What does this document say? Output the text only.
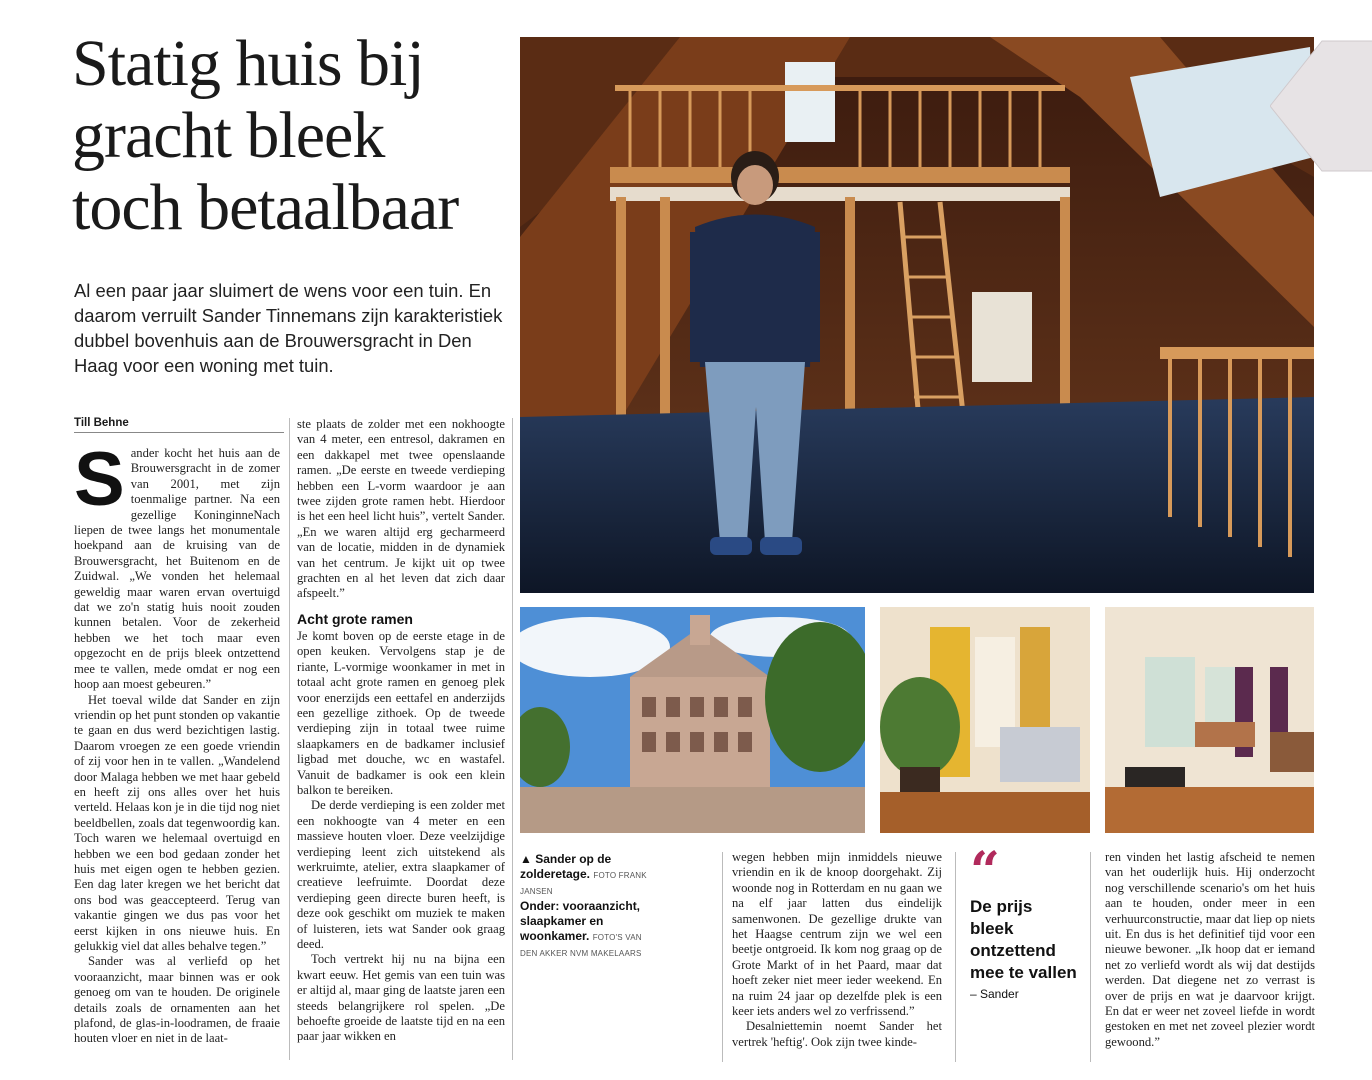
Statig huis bij
gracht bleek
toch betaalbaar
Al een paar jaar sluimert de wens voor een tuin. En daarom verruilt Sander Tinnemans zijn karakteristiek dubbel bovenhuis aan de Brouwersgracht in Den Haag voor een woning met tuin.
Till Behne

Sander kocht het huis aan de Brouwersgracht in de zomer van 2001, met zijn toenmalige partner. Na een gezellige KoninginneNach liepen de twee langs het monumentale hoekpand aan de kruising van de Brouwersgracht, het Buitenom en de Zuidwal. „We vonden het helemaal geweldig maar waren ervan overtuigd dat we zo'n statig huis nooit zouden kunnen betalen. Voor de zekerheid hebben we het toch maar even opgezocht en de prijs bleek ontzettend mee te vallen, mede omdat er nog een hoop aan moest gebeuren.”

Het toeval wilde dat Sander en zijn vriendin op het punt stonden op vakantie te gaan en dus werd bezichtigen lastig. Daarom vroegen ze een goede vriendin of zij voor hen in te vallen. „Wandelend door Malaga hebben we met haar gebeld en heeft zij ons alles over het huis verteld. Helaas kon je in die tijd nog niet beeldbellen, zoals dat tegenwoordig kan. Toch waren we helemaal overtuigd en hebben we een bod gedaan zonder het huis met eigen ogen te hebben gezien. Een dag later kregen we het bericht dat ons bod was geaccepteerd. Terug van vakantie gingen we dus pas voor het eerst kijken in ons nieuwe huis. En gelukkig viel dat alles behalve tegen.”

Sander was al verliefd op het vooraanzicht, maar binnen was er ook genoeg om van te houden. De originele details zoals de ornamenten aan het plafond, de glas-in-loodramen, de fraaie houten vloer en niet in de laat-

ste plaats de zolder met een nokhoogte van 4 meter, een entresol, dakramen en een dakkapel met twee openslaande ramen. „De eerste en tweede verdieping hebben een L-vorm waardoor je aan twee zijden grote ramen hebt. Hierdoor is het een heel licht huis”, vertelt Sander. „En we waren altijd erg gecharmeerd van de locatie, midden in de dynamiek van het centrum. Je kijkt uit op twee grachten en al het leven dat zich daar afspeelt.”

Acht grote ramen

Je komt boven op de eerste etage in de open keuken. Vervolgens stap je de riante, L-vormige woonkamer in met in totaal acht grote ramen en genoeg plek voor enerzijds een eettafel en anderzijds een gezellige zithoek. Op de tweede verdieping zijn in totaal twee ruime slaapkamers en de badkamer inclusief ligbad met douche, wc en wastafel. Vanuit de badkamer is ook een klein balkon te bereiken.

De derde verdieping is een zolder met een nokhoogte van 4 meter en een massieve houten vloer. Deze veelzijdige verdieping leent zich uitstekend als werkruimte, atelier, extra slaapkamer of creatieve leefruimte. Doordat deze verdieping geen directe buren heeft, is deze ook geschikt om muziek te maken of luisteren, iets wat Sander ook graag deed.

Toch vertrekt hij nu na bijna een kwart eeuw. Het gemis van een tuin was er altijd al, maar ging de laatste jaren een steeds belangrijkere rol spelen. „De behoefte groeide de laatste tijd en na een paar jaar wikken en

▲ Sander op de zolderetage. FOTO FRANK JANSEN
Onder: vooraanzicht, slaapkamer en woonkamer. FOTO'S VAN DEN AKKER NVM MAKELAARS

wegen hebben mijn inmiddels nieuwe vriendin en ik de knoop doorgehakt. Zij woonde nog in Rotterdam en nu gaan we na elf jaar latten dus eindelijk samenwonen. De gezellige drukte van het Haagse centrum zijn we wel een beetje ontgroeid. Ik kom nog graag op de Grote Markt of in het Paard, maar dat hoeft zeker niet meer ieder weekend. En na ruim 24 jaar op dezelfde plek is een keer iets anders wel zo verfrissend.”

Desalniettemin noemt Sander het vertrek 'heftig'. Ook zijn twee kinde-

“
De prijs bleek ontzettend mee te vallen
– Sander

ren vinden het lastig afscheid te nemen van het ouderlijk huis. Hij onderzocht nog verschillende scenario's om het huis aan te houden, onder meer in een verhuurconstructie, maar dat liep op niets uit. En dus is het definitief tijd voor een nieuwe bewoner. „Ik hoop dat er iemand net zo verliefd wordt als wij dat destijds werden. Dat diegene net zo verrast is over de prijs en wat je daarvoor krijgt. En dat er weer net zoveel liefde in wordt gestoken en met net zoveel plezier wordt gewoond.”
